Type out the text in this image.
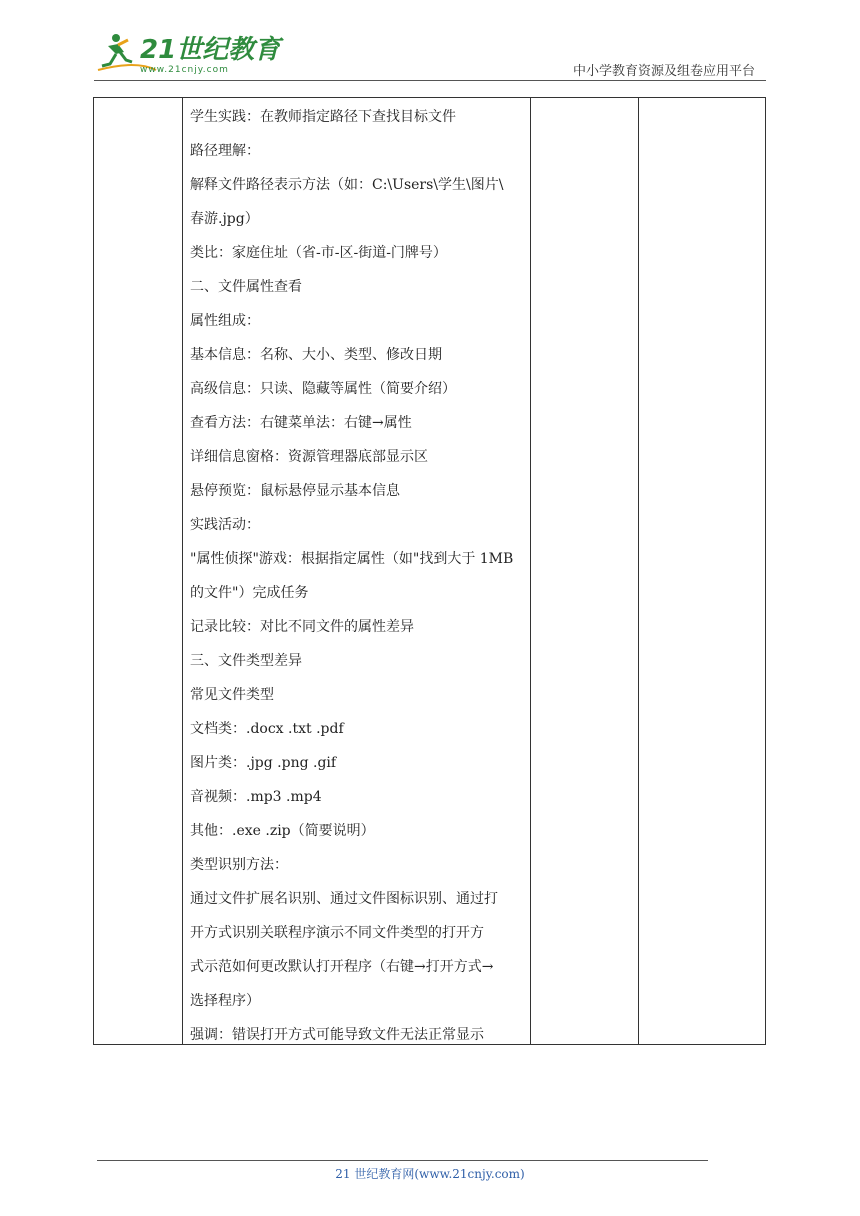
21世纪教育
www.21cnjy.com	中小学教育资源及组卷应用平台
学生实践：在教师指定路径下查找目标文件
路径理解：
解释文件路径表示方法（如：C:\Users\学生\图片\
春游.jpg）
类比：家庭住址（省-市-区-街道-门牌号）
二、文件属性查看
属性组成：
基本信息：名称、大小、类型、修改日期
高级信息：只读、隐藏等属性（简要介绍）
查看方法：右键菜单法：右键→属性
详细信息窗格：资源管理器底部显示区
悬停预览：鼠标悬停显示基本信息
实践活动：
"属性侦探"游戏：根据指定属性（如"找到大于 1MB
的文件"）完成任务
记录比较：对比不同文件的属性差异
三、文件类型差异
常见文件类型
文档类：.docx .txt .pdf
图片类：.jpg .png .gif
音视频：.mp3 .mp4
其他：.exe .zip（简要说明）
类型识别方法：
通过文件扩展名识别、通过文件图标识别、通过打
开方式识别关联程序演示不同文件类型的打开方
式示范如何更改默认打开程序（右键→打开方式→
选择程序）
强调：错误打开方式可能导致文件无法正常显示
21 世纪教育网(www.21cnjy.com)
